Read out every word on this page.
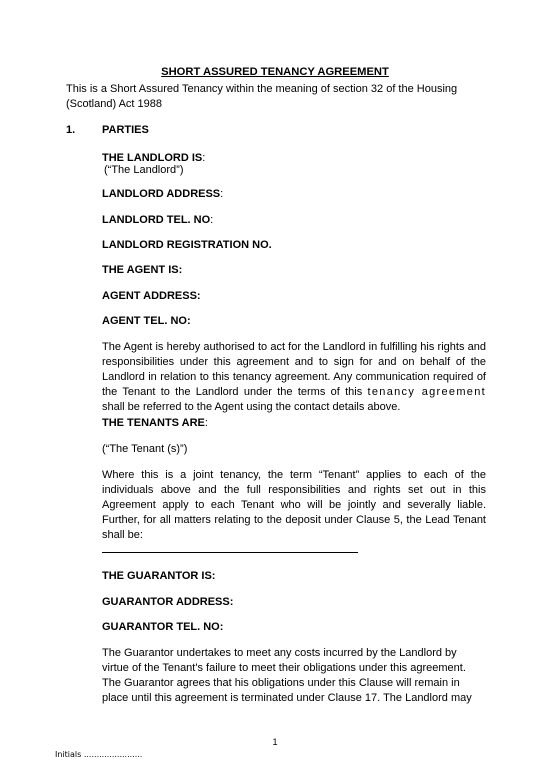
SHORT ASSURED TENANCY AGREEMENT
This is a Short Assured Tenancy within the meaning of section 32 of the Housing (Scotland) Act 1988
1. PARTIES
THE LANDLORD IS:
(“The Landlord”)
LANDLORD ADDRESS:
LANDLORD TEL. NO:
LANDLORD REGISTRATION NO.
THE AGENT IS:
AGENT ADDRESS:
AGENT TEL. NO:
The Agent is hereby authorised to act for the Landlord in fulfilling his rights and responsibilities under this agreement and to sign for and on behalf of the Landlord in relation to this tenancy agreement. Any communication required of the Tenant to the Landlord under the terms of this tenancy agreement shall be referred to the Agent using the contact details above.
THE TENANTS ARE:
(“The Tenant (s)”)
Where this is a joint tenancy, the term “Tenant” applies to each of the individuals above and the full responsibilities and rights set out in this Agreement apply to each Tenant who will be jointly and severally liable. Further, for all matters relating to the deposit under Clause 5, the Lead Tenant shall be:
THE GUARANTOR IS:
GUARANTOR ADDRESS:
GUARANTOR TEL. NO:
The Guarantor undertakes to meet any costs incurred by the Landlord by virtue of the Tenant's failure to meet their obligations under this agreement. The Guarantor agrees that his obligations under this Clause will remain in place until this agreement is terminated under Clause 17. The Landlord may
1
Initials .......................
